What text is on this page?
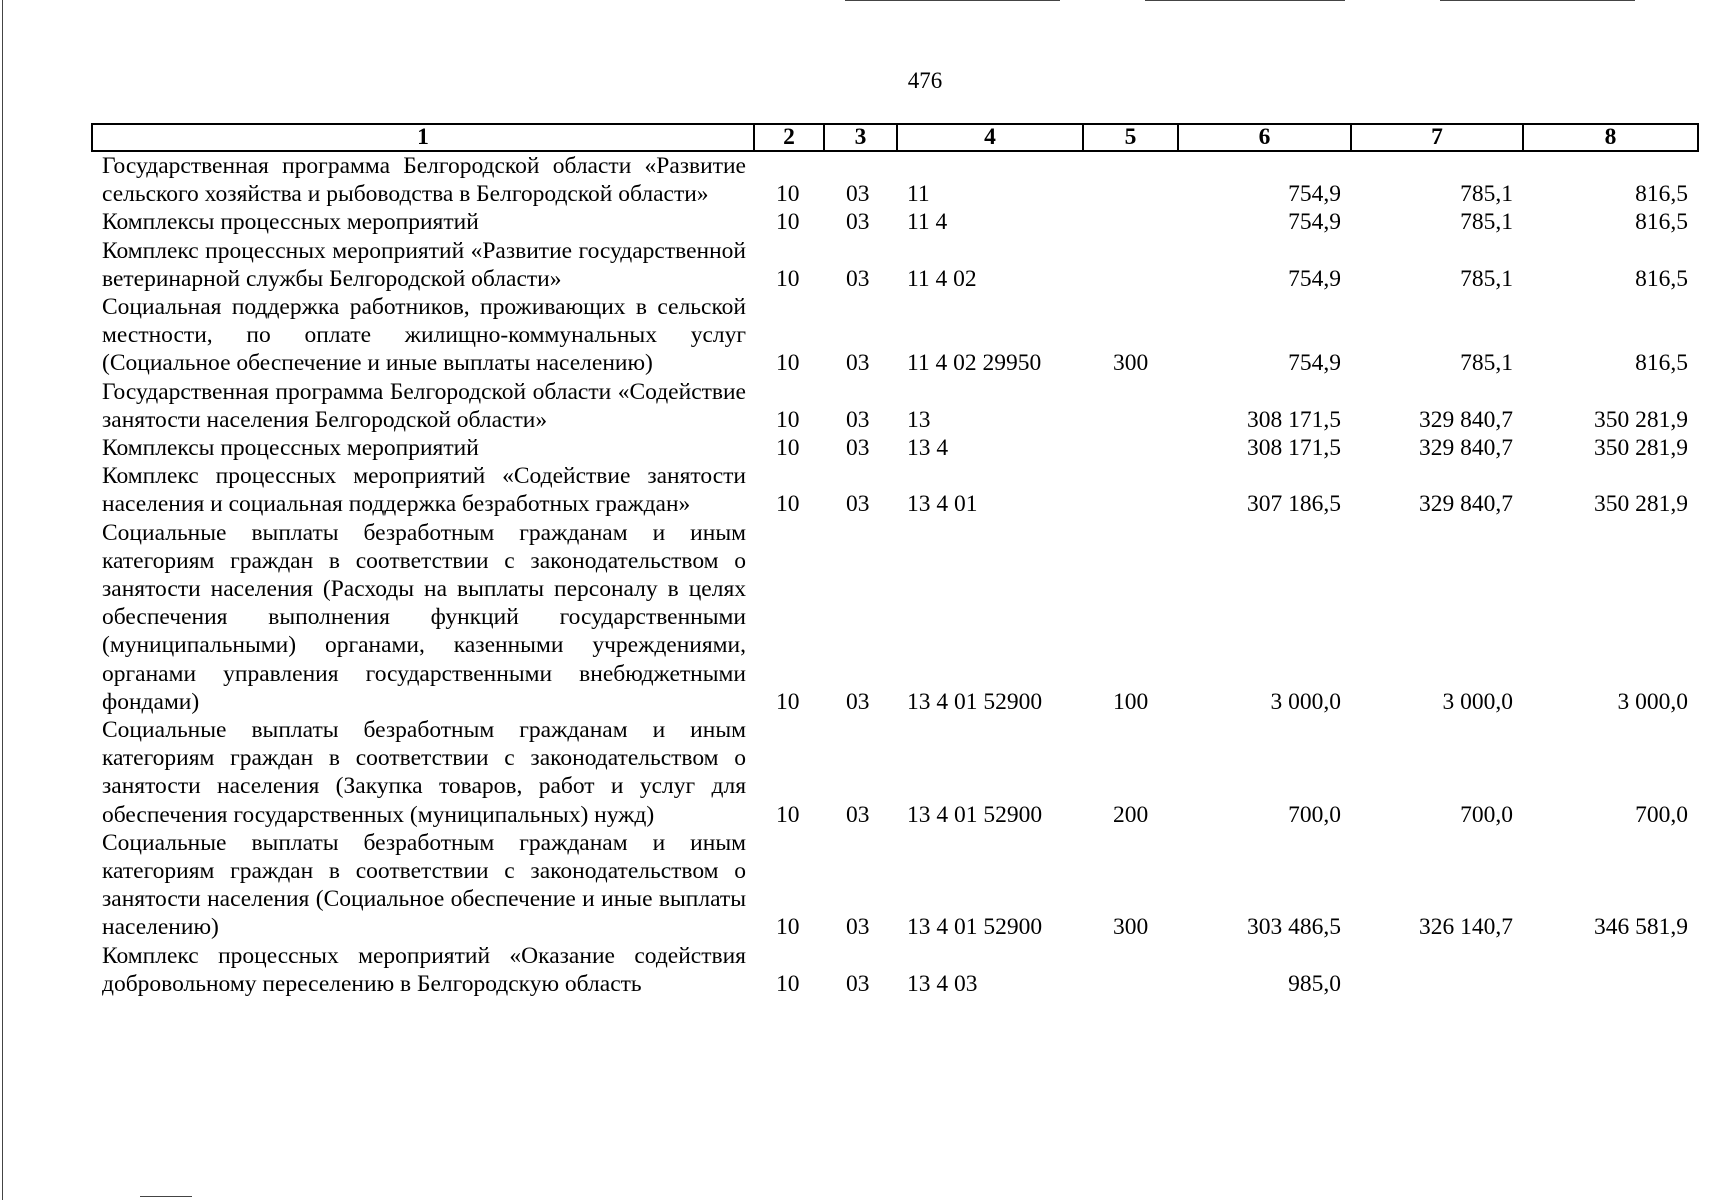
476
1	2	3	4	5	6	7	8
Государственная программа Белгородской области «Развитие сельского хозяйства и рыбоводства в Белгородской области»	10	03	11		754,9	785,1	816,5
Комплексы процессных мероприятий	10	03	11 4		754,9	785,1	816,5
Комплекс процессных мероприятий «Развитие государственной ветеринарной службы Белгородской области»	10	03	11 4 02		754,9	785,1	816,5
Социальная поддержка работников, проживающих в сельской местности, по оплате жилищно-коммунальных услуг (Социальное обеспечение и иные выплаты населению)	10	03	11 4 02 29950	300	754,9	785,1	816,5
Государственная программа Белгородской области «Содействие занятости населения Белгородской области»	10	03	13		308 171,5	329 840,7	350 281,9
Комплексы процессных мероприятий	10	03	13 4		308 171,5	329 840,7	350 281,9
Комплекс процессных мероприятий «Содействие занятости населения и социальная поддержка безработных граждан»	10	03	13 4 01		307 186,5	329 840,7	350 281,9
Социальные выплаты безработным гражданам и иным категориям граждан в соответствии с законодательством о занятости населения (Расходы на выплаты персоналу в целях обеспечения выполнения функций государственными (муниципальными) органами, казенными учреждениями, органами управления государственными внебюджетными фондами)	10	03	13 4 01 52900	100	3 000,0	3 000,0	3 000,0
Социальные выплаты безработным гражданам и иным категориям граждан в соответствии с законодательством о занятости населения (Закупка товаров, работ и услуг для обеспечения государственных (муниципальных) нужд)	10	03	13 4 01 52900	200	700,0	700,0	700,0
Социальные выплаты безработным гражданам и иным категориям граждан в соответствии с законодательством о занятости населения (Социальное обеспечение и иные выплаты населению)	10	03	13 4 01 52900	300	303 486,5	326 140,7	346 581,9
Комплекс процессных мероприятий «Оказание содействия добровольному переселению в Белгородскую область	10	03	13 4 03		985,0		
